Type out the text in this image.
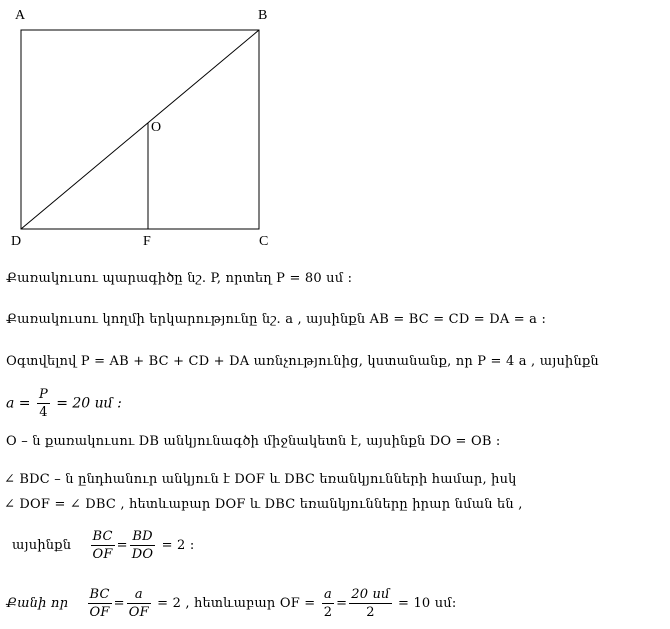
A	B
O
D	F	C
Քառակուսու պարագիծը նշ. P, որտեղ P = 80 սմ :
Քառակուսու կողմի երկարությունը նշ. a , այսինքն AB = BC = CD = DA = a :
Օգտվելով P = AB + BC + CD + DA առնչությունից, կստանանք, որ P = 4 a , այսինքն
$a = \frac{P}{4} = 20$ սմ :
O – ն քառակուսու DB անկյունագծի միջնակետն է, այսինքն DO = OB :
∠ BDC – ն ընդհանուր անկյուն է DOF և DBC եռանկյունների համար, իսկ
∠ DOF = ∠ DBC , հետևաբար DOF և DBC եռանկյունները իրար նման են ,
այսինքն $\frac{BC}{OF} = \frac{BD}{DO} = 2$ :
Քանի որ $\frac{BC}{OF} = \frac{a}{OF} = 2$ , հետևաբար OF = $\frac{a}{2} = \frac{\text{20 սմ}}{2} = 10$ սմ:
